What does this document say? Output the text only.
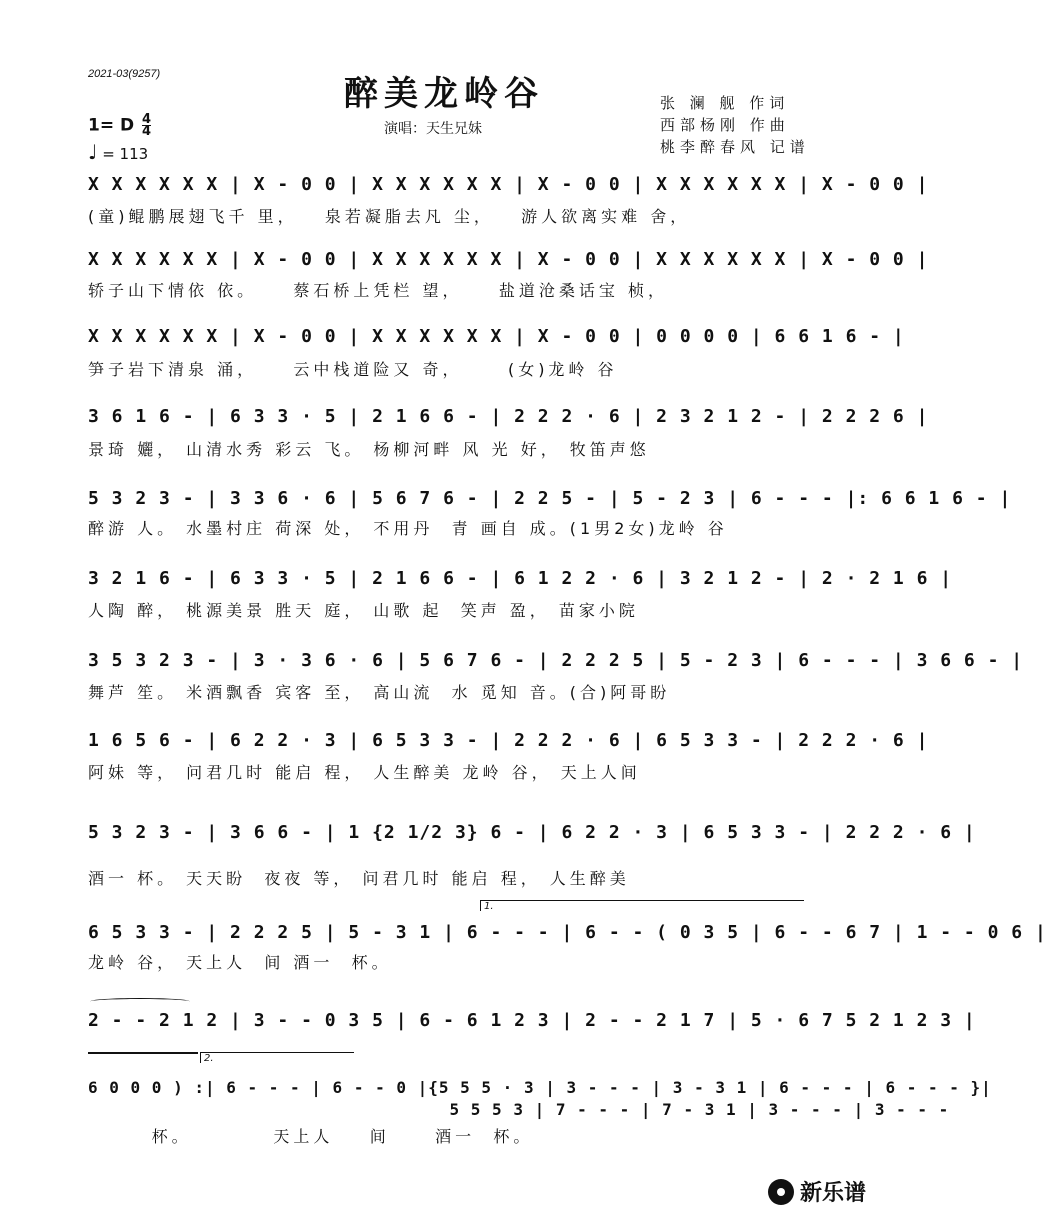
2021-03(9257)	醉美龙岭谷
演唱：天生兄妹
张 澜 舰 作词
西部杨刚 作曲
桃李醉春风 记谱
1= D $\frac{4}{4}$
♩ = 113
X X X X X X | X - 0 0 | X X X X X X | X - 0 0 | X X X X X X | X - 0 0 |
(童)鲲鹏展翅飞千 里，   泉若凝脂去凡 尘，   游人欲离实难 舍，
X X X X X X | X - 0 0 | X X X X X X | X - 0 0 | X X X X X X | X - 0 0 |
轿子山下情依 依。    蔡石桥上凭栏 望，    盐道沧桑话宝 桢，
X X X X X X | X - 0 0 | X X X X X X | X - 0 0 | 0 0 0 0 | 6 6 1 6 - |
笋子岩下清泉 涌，    云中栈道险又 奇，     (女)龙岭 谷
3 6 1 6 - | 6 3 3 · 5 | 2 1 6 6 - | 2 2 2 · 6 | 2 3 2 1 2 - | 2 2 2 6 |
景琦 孋， 山清水秀 彩云 飞。 杨柳河畔 风 光 好， 牧笛声悠
5 3 2 3 - | 3 3 6 · 6 | 5 6 7 6 - | 2 2 5 - | 5 - 2 3 | 6 - - - |: 6 6 1 6 - |
醉游 人。 水墨村庄 荷深 处， 不用丹  青 画自 成。(1男2女)龙岭 谷
3 2 1 6 - | 6 3 3 · 5 | 2 1 6 6 - | 6 1 2 2 · 6 | 3 2 1 2 - | 2 · 2 1 6 |
人陶 醉， 桃源美景 胜天 庭， 山歌 起  笑声 盈， 苗家小院
3 5 3 2 3 - | 3 · 3 6 · 6 | 5 6 7 6 - | 2 2 2 5 | 5 - 2 3 | 6 - - - | 3 6 6 - |
舞芦 笙。 米酒飘香 宾客 至， 高山流  水 觅知 音。(合)阿哥盼
1 6 5 6 - | 6 2 2 · 3 | 6 5 3 3 - | 2 2 2 · 6 | 6 5 3 3 - | 2 2 2 · 6 |
阿妹 等， 问君几时 能启 程， 人生醉美 龙岭 谷， 天上人间
5 3 2 3 - | 3 6 6 - | 1 {2 1/2 3} 6 - | 6 2 2 · 3 | 6 5 3 3 - | 2 2 2 · 6 |
酒一 杯。 天天盼  夜夜 等， 问君几时 能启 程， 人生醉美
1.
6 5 3 3 - | 2 2 2 5 | 5 - 3 1 | 6 - - - | 6 - - ( 0 3 5 | 6 - - 6 7 | 1 - - 0 6 |
龙岭 谷， 天上人  间 酒一  杯。
2 - - 2 1 2 | 3 - - 0 3 5 | 6 - 6 1 2 3 | 2 - - 2 1 7 | 5 · 6 7 5 2 1 2 3 |
2.
6 0 0 0 ) :| 6 - - - | 6 - - 0 |{5 5 5 · 3 | 3 - - - | 3 - 3 1 | 6 - - - | 6 - - - }|
5 5 5 3 | 7 - - - | 7 - 3 1 | 3 - - - | 3 - - -
杯。         天上人    间     酒一  杯。
新乐谱
